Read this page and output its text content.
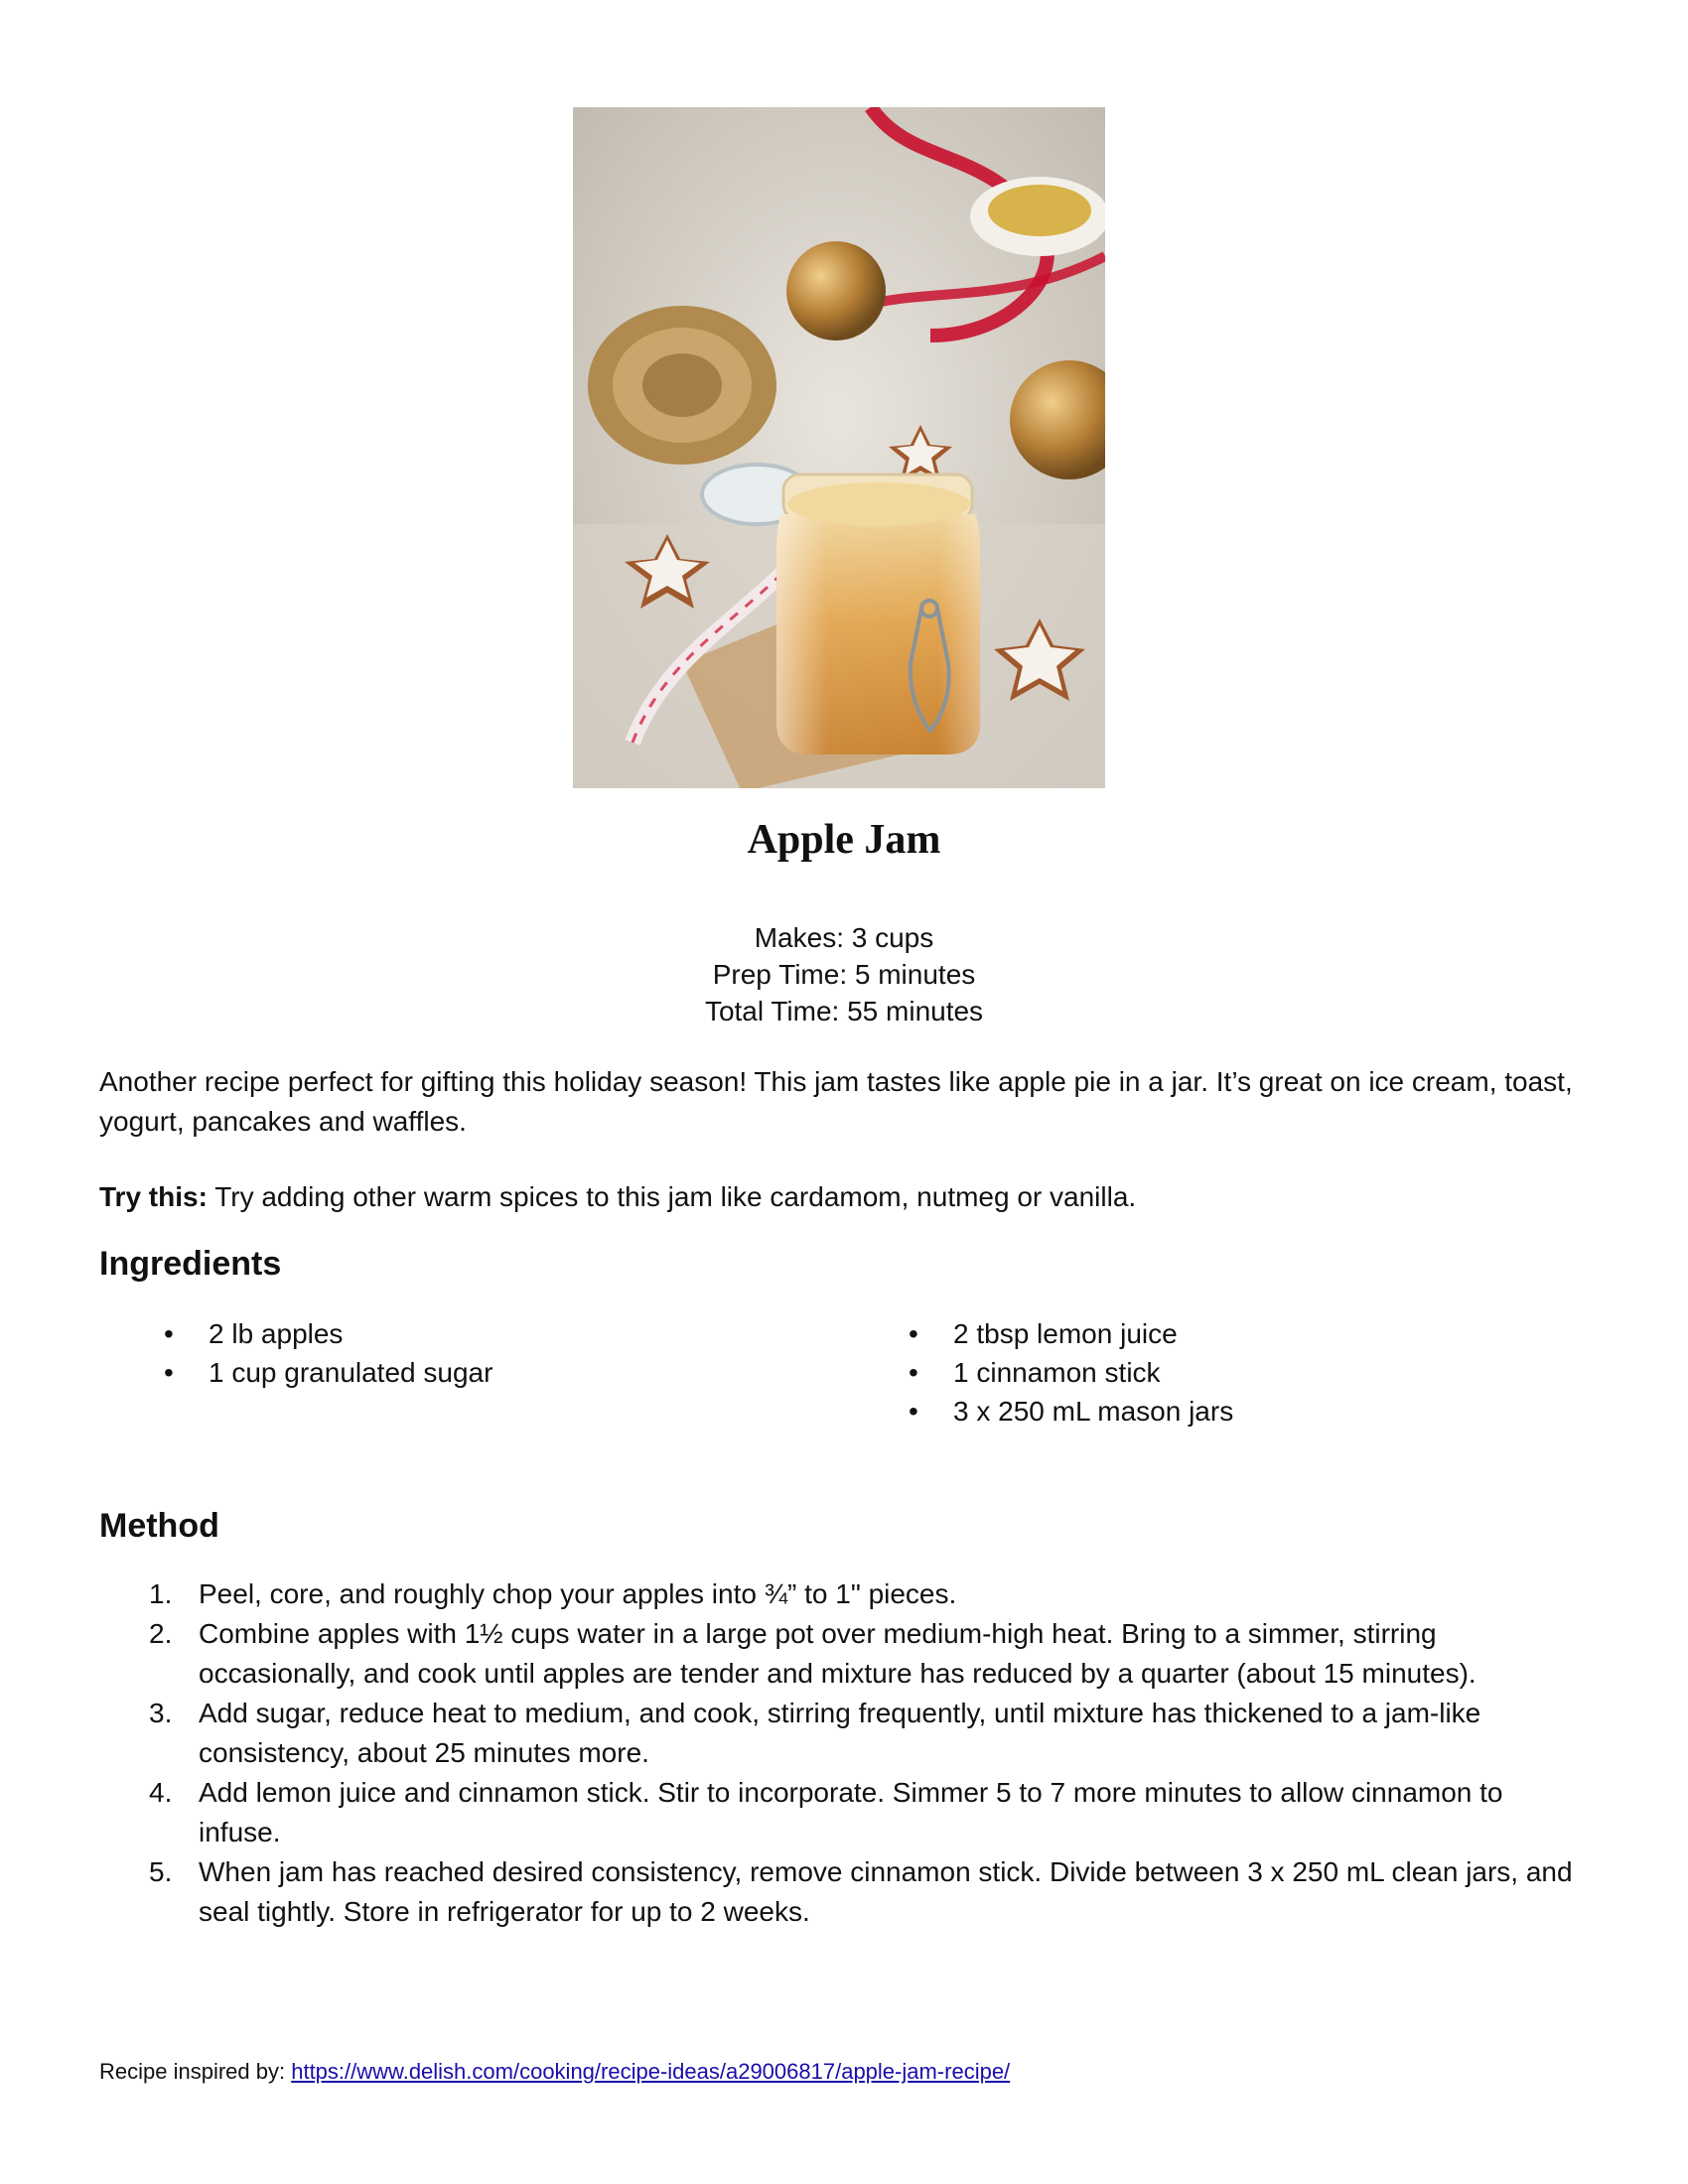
Apple Jam
Makes: 3 cups
Prep Time: 5 minutes
Total Time: 55 minutes

Another recipe perfect for gifting this holiday season! This jam tastes like apple pie in a jar. It’s great on ice cream, toast, yogurt, pancakes and waffles.

Try this: Try adding other warm spices to this jam like cardamom, nutmeg or vanilla.

Ingredients
• 2 lb apples
• 1 cup granulated sugar
• 2 tbsp lemon juice
• 1 cinnamon stick
• 3 x 250 mL mason jars
Method
1. Peel, core, and roughly chop your apples into ¾” to 1" pieces.
2. Combine apples with 1½ cups water in a large pot over medium-high heat. Bring to a simmer, stirring occasionally, and cook until apples are tender and mixture has reduced by a quarter (about 15 minutes).
3. Add sugar, reduce heat to medium, and cook, stirring frequently, until mixture has thickened to a jam-like consistency, about 25 minutes more.
4. Add lemon juice and cinnamon stick. Stir to incorporate. Simmer 5 to 7 more minutes to allow cinnamon to infuse.
5. When jam has reached desired consistency, remove cinnamon stick. Divide between 3 x 250 mL clean jars, and seal tightly. Store in refrigerator for up to 2 weeks.
Recipe inspired by: https://www.delish.com/cooking/recipe-ideas/a29006817/apple-jam-recipe/
